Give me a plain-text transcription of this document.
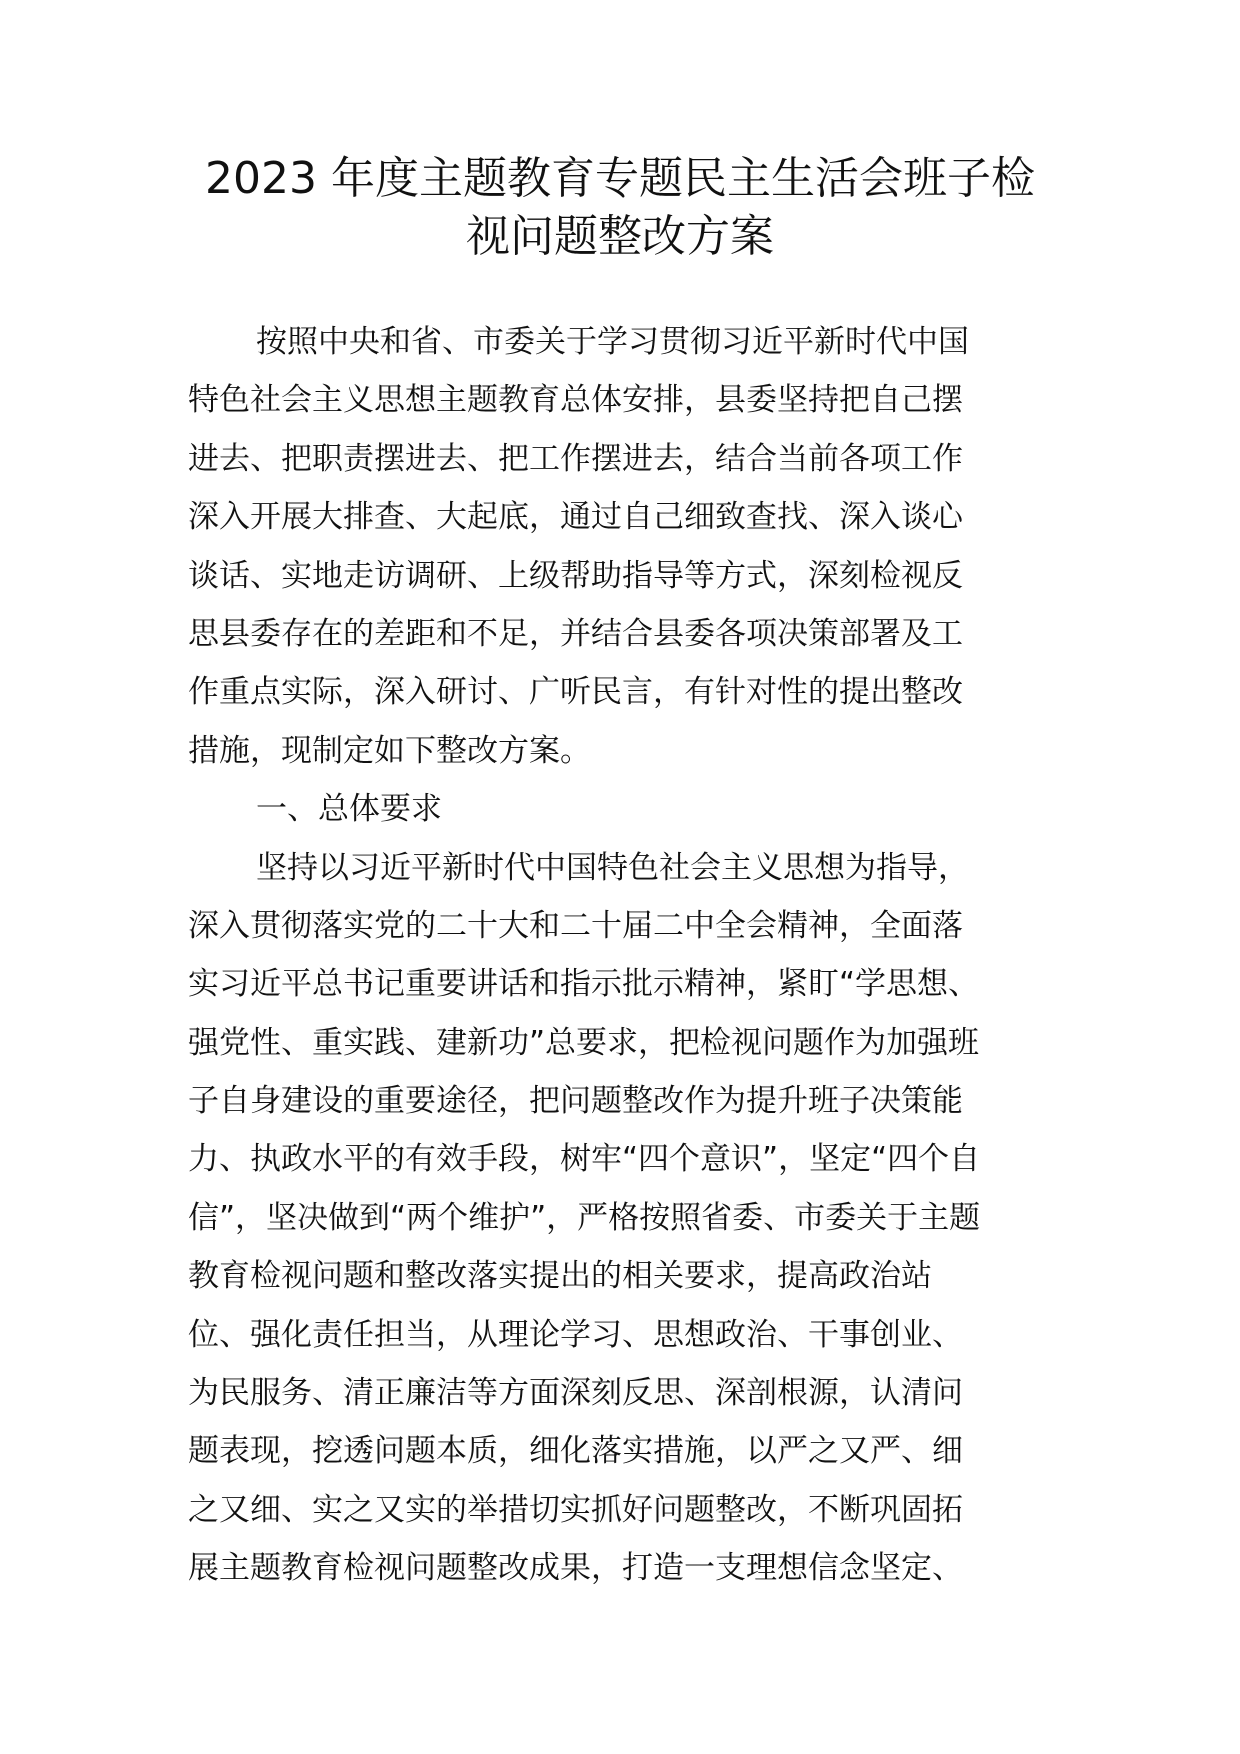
2023 年度主题教育专题民主生活会班子检
视问题整改方案
按照中央和省、市委关于学习贯彻习近平新时代中国
特色社会主义思想主题教育总体安排，县委坚持把自己摆
进去、把职责摆进去、把工作摆进去，结合当前各项工作
深入开展大排查、大起底，通过自己细致查找、深入谈心
谈话、实地走访调研、上级帮助指导等方式，深刻检视反
思县委存在的差距和不足，并结合县委各项决策部署及工
作重点实际，深入研讨、广听民言，有针对性的提出整改
措施，现制定如下整改方案。
一、总体要求
坚持以习近平新时代中国特色社会主义思想为指导，
深入贯彻落实党的二十大和二十届二中全会精神，全面落
实习近平总书记重要讲话和指示批示精神，紧盯“学思想、
强党性、重实践、建新功”总要求，把检视问题作为加强班
子自身建设的重要途径，把问题整改作为提升班子决策能
力、执政水平的有效手段，树牢“四个意识”，坚定“四个自
信”，坚决做到“两个维护”，严格按照省委、市委关于主题
教育检视问题和整改落实提出的相关要求，提高政治站
位、强化责任担当，从理论学习、思想政治、干事创业、
为民服务、清正廉洁等方面深刻反思、深剖根源，认清问
题表现，挖透问题本质，细化落实措施，以严之又严、细
之又细、实之又实的举措切实抓好问题整改，不断巩固拓
展主题教育检视问题整改成果，打造一支理想信念坚定、
